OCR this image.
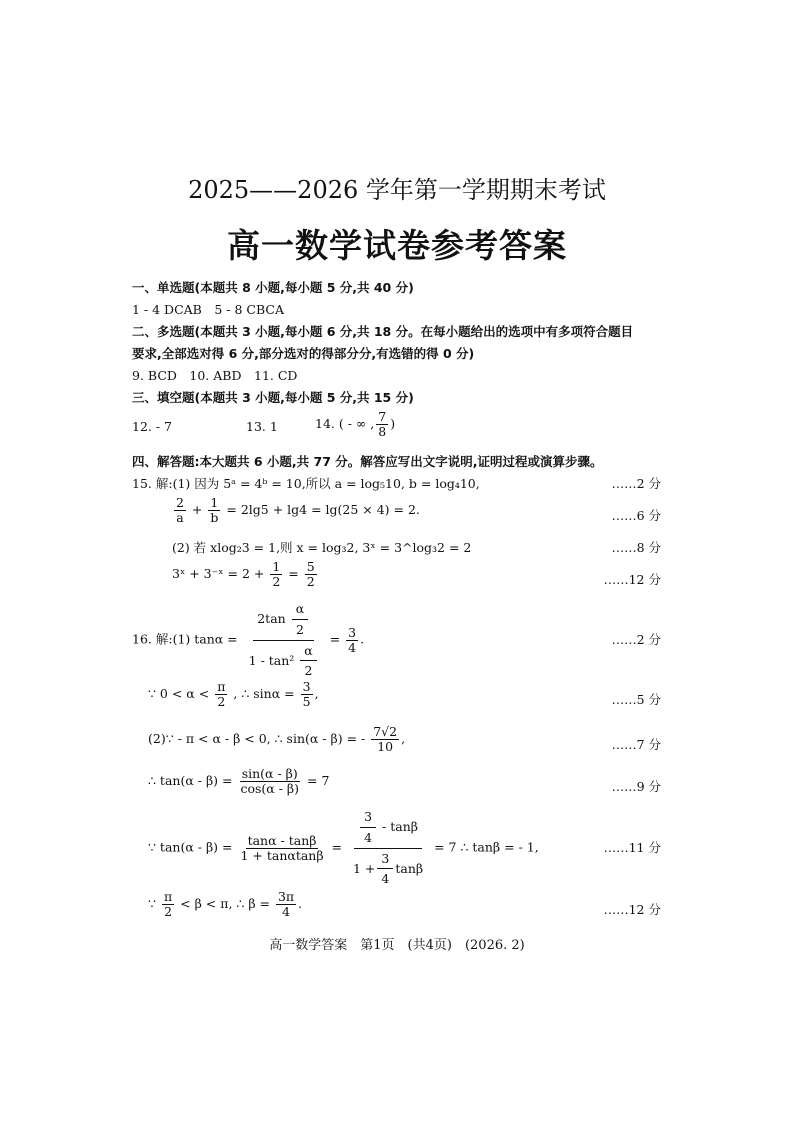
2025——2026 学年第一学期期末考试
高一数学试卷参考答案
一、单选题(本题共 8 小题,每小题 5 分,共 40 分)
1 - 4 DCAB　5 - 8 CBCA
二、多选题(本题共 3 小题,每小题 6 分,共 18 分。在每小题给出的选项中有多项符合题目
要求,全部选对得 6 分,部分选对的得部分分,有选错的得 0 分)
9. BCD　10. ABD　11. CD
三、填空题(本题共 3 小题,每小题 5 分,共 15 分)
12. - 7	13. 1	14. ( - ∞ , $\frac{7}{8}$ )
四、解答题:本大题共 6 小题,共 77 分。解答应写出文字说明,证明过程或演算步骤。
15. 解:(1) 因为 5ᵃ = 4ᵇ = 10,所以 a = log₅10, b = log₄10,	……2 分
$\frac{2}{a} + \frac{1}{b} = 2\lg 5 + \lg 4 = \lg(25 \times 4) = 2$.	……6 分
(2) 若 xlog₂3 = 1,则 x = log₃2, 3ˣ = 3^log₃2 = 2	……8 分
3ˣ + 3⁻ˣ = $2 + \frac{1}{2} = \frac{5}{2}$	……12 分
16. 解:(1) $\tan\alpha = \frac{2\tan \frac{\alpha}{2}}{1 - \tan^2 \frac{\alpha}{2}} = \frac{3}{4}$ .	……2 分
∵ $0 < \alpha < \frac{\pi}{2}$ , ∴ $\sin\alpha = \frac{3}{5}$ ,	……5 分
(2)∵ - π < α - β < 0, ∴ sin(α - β) = - $\frac{7√2}{10}$ ,	……7 分
∴ $\tan(\alpha - \beta) = \frac{\sin(\alpha - \beta)}{\cos(\alpha - \beta)} = 7$	……9 分
∵ $\tan(\alpha - \beta) = \frac{\tan\alpha - \tan\beta}{1 + \tan\alpha\tan\beta} = \frac{\frac{3}{4} - \tan\beta}{1 + \frac{3}{4} \tan\beta} = 7$ ∴ tanβ = - 1,	……11 分
∵ $\frac{\pi}{2} < \beta < \pi$, ∴ $\beta = \frac{3\pi}{4}$ .	……12 分
高一数学答案　第1页　(共4页)　(2026. 2)
